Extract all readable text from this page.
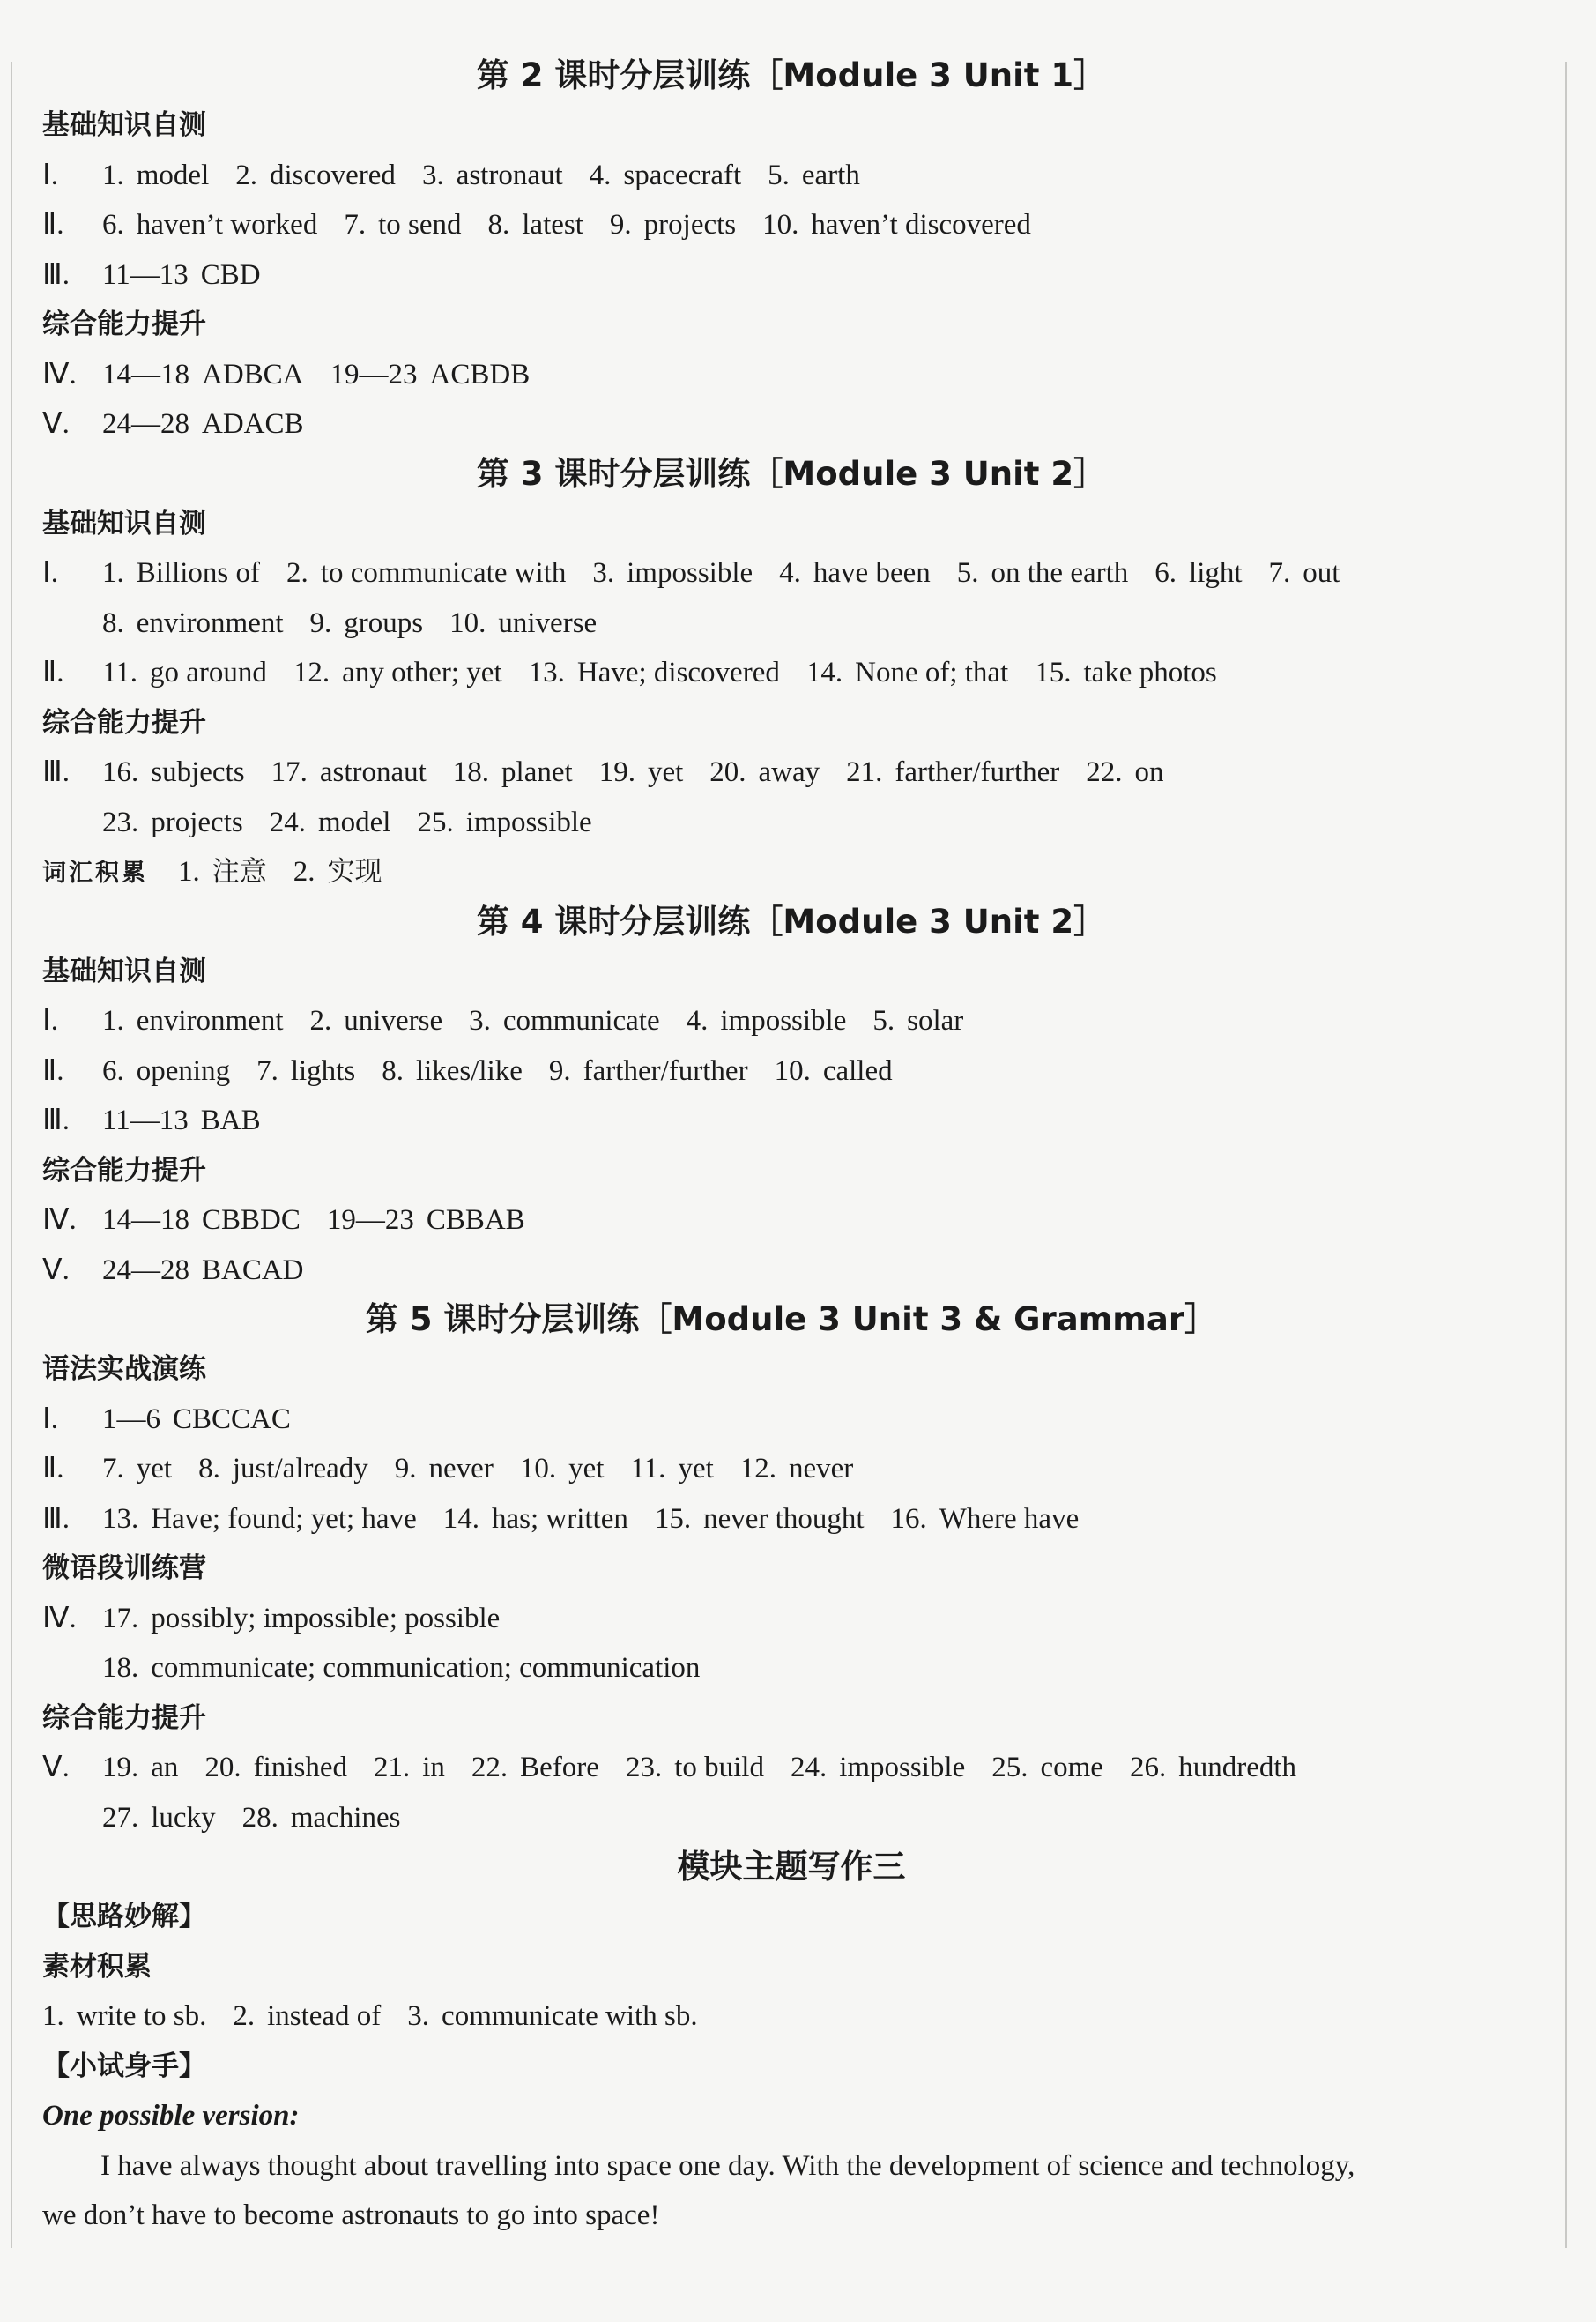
第 2 课时分层训练［Module 3 Unit 1］
基础知识自测
Ⅰ. 1. model 2. discovered 3. astronaut 4. spacecraft 5. earth
Ⅱ. 6. haven’t worked 7. to send 8. latest 9. projects 10. haven’t discovered
Ⅲ. 11—13 CBD
综合能力提升
Ⅳ. 14—18 ADBCA 19—23 ACBDB
Ⅴ. 24—28 ADACB
第 3 课时分层训练［Module 3 Unit 2］
基础知识自测
Ⅰ. 1. Billions of 2. to communicate with 3. impossible 4. have been 5. on the earth 6. light 7. out
8. environment 9. groups 10. universe
Ⅱ. 11. go around 12. any other; yet 13. Have; discovered 14. None of; that 15. take photos
综合能力提升
Ⅲ. 16. subjects 17. astronaut 18. planet 19. yet 20. away 21. farther/further 22. on
23. projects 24. model 25. impossible
词汇积累 1. 注意 2. 实现
第 4 课时分层训练［Module 3 Unit 2］
基础知识自测
Ⅰ. 1. environment 2. universe 3. communicate 4. impossible 5. solar
Ⅱ. 6. opening 7. lights 8. likes/like 9. farther/further 10. called
Ⅲ. 11—13 BAB
综合能力提升
Ⅳ. 14—18 CBBDC 19—23 CBBAB
Ⅴ. 24—28 BACAD
第 5 课时分层训练［Module 3 Unit 3 & Grammar］
语法实战演练
Ⅰ. 1—6 CBCCAC
Ⅱ. 7. yet 8. just/already 9. never 10. yet 11. yet 12. never
Ⅲ. 13. Have; found; yet; have 14. has; written 15. never thought 16. Where have
微语段训练营
Ⅳ. 17. possibly; impossible; possible
18. communicate; communication; communication
综合能力提升
Ⅴ. 19. an 20. finished 21. in 22. Before 23. to build 24. impossible 25. come 26. hundredth
27. lucky 28. machines
模块主题写作三
【思路妙解】
素材积累
1. write to sb. 2. instead of 3. communicate with sb.
【小试身手】
One possible version:
I have always thought about travelling into space one day. With the development of science and technology,
we don’t have to become astronauts to go into space!
